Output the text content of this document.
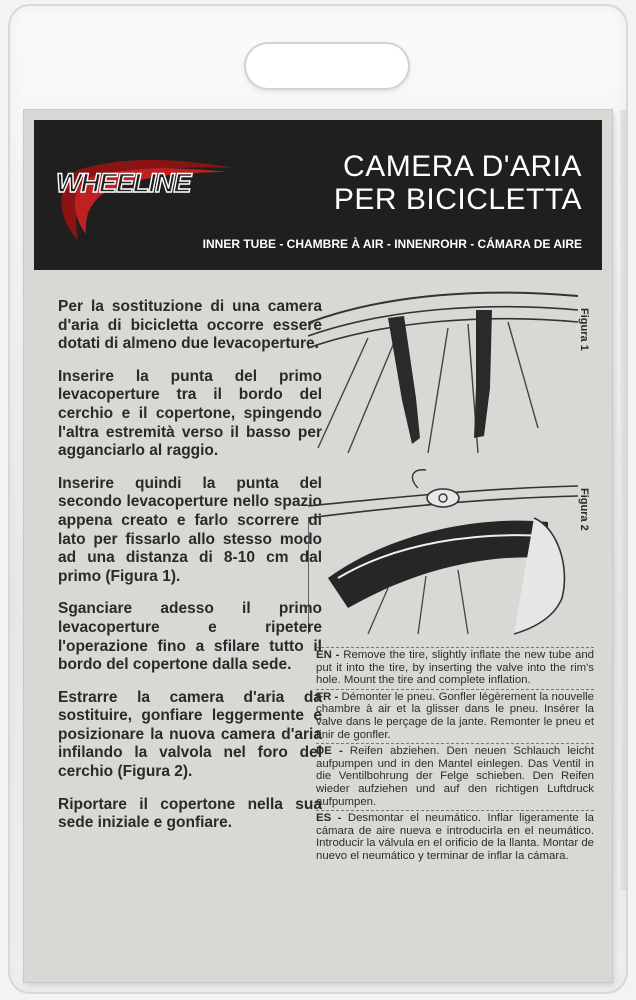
WHEELINE	CAMERA D'ARIA
PER BICICLETTA
INNER TUBE - CHAMBRE À AIR - INNENROHR - CÁMARA DE AIRE

Per la sostituzione di una camera d'aria di bicicletta occorre essere dotati di almeno due levacoperture.

Inserire la punta del primo levacoperture tra il bordo del cerchio e il copertone, spingendo l'altra estremità verso il basso per agganciarlo al raggio.

Inserire quindi la punta del secondo levacoperture nello spazio appena creato e farlo scorrere di lato per fissarlo allo stesso modo ad una distanza di 8-10 cm dal primo (Figura 1).

Sganciare adesso il primo levacoperture e ripetere l'operazione fino a sfilare tutto il bordo del copertone dalla sede.

Estrarre la camera d'aria da sostituire, gonfiare leggermente e posizionare la nuova camera d'aria infilando la valvola nel foro del cerchio (Figura 2).

Riportare il copertone nella sua sede iniziale e gonfiare.

Figura 1
Figura 2

EN - Remove the tire, slightly inflate the new tube and put it into the tire, by inserting the valve into the rim's hole. Mount the tire and complete inflation.

FR - Démonter le pneu. Gonfler légèrement la nouvelle chambre à air et la glisser dans le pneu. Insérer la valve dans le perçage de la jante. Remonter le pneu et finir de gonfler.

DE - Reifen abziehen. Den neuen Schlauch leicht aufpumpen und in den Mantel einlegen. Das Ventil in die Ventilbohrung der Felge schieben. Den Reifen wieder aufziehen und auf den richtigen Luftdruck aufpumpen.

ES - Desmontar el neumático. Inflar ligeramente la cámara de aire nueva e introducirla en el neumático. Introducir la válvula en el orificio de la llanta. Montar de nuevo el neumático y terminar de inflar la cámara.
